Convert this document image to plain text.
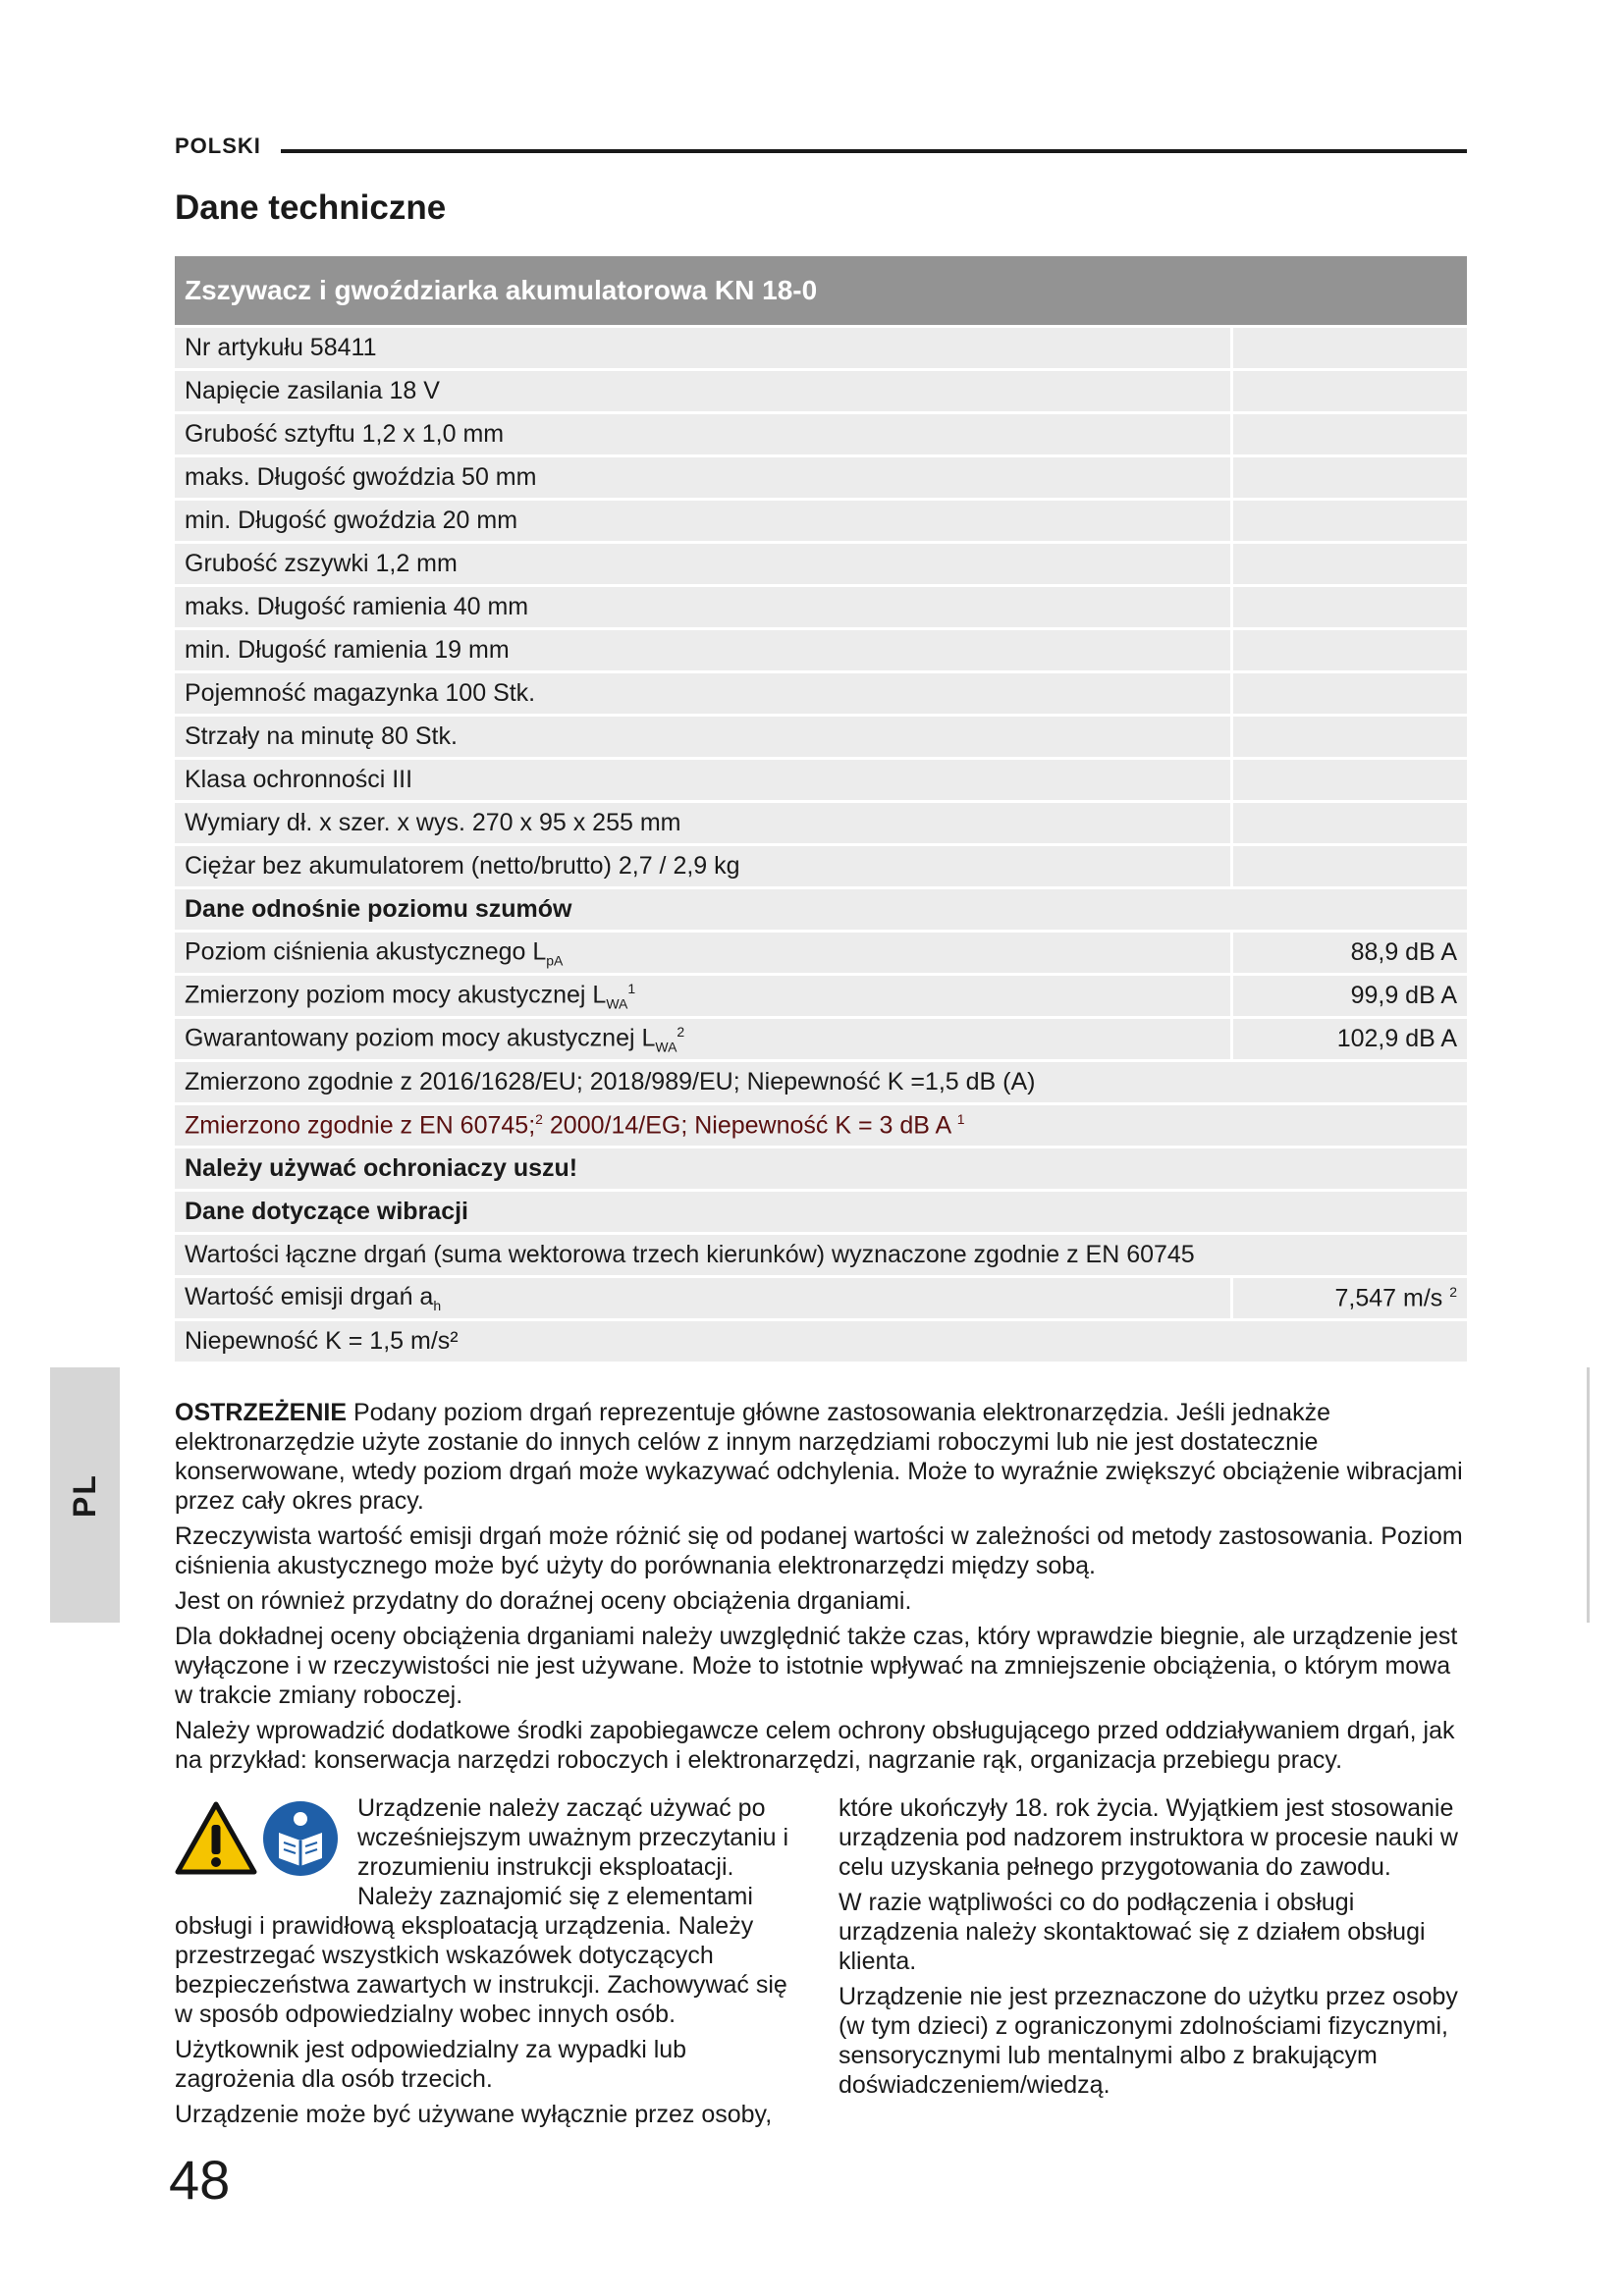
POLSKI
Dane techniczne
Zszywacz i gwoździarka akumulatorowa KN 18-0	
Nr artykułu 58411	
Napięcie zasilania 18 V	
Grubość sztyftu 1,2 x 1,0 mm	
maks. Długość gwoździa 50 mm	
min. Długość gwoździa 20 mm	
Grubość zszywki 1,2 mm	
maks. Długość ramienia 40 mm	
min. Długość ramienia 19 mm	
Pojemność magazynka 100 Stk.	
Strzały na minutę 80 Stk.	
Klasa ochronności III	
Wymiary dł. x szer. x wys. 270 x 95 x 255 mm	
Ciężar bez akumulatorem (netto/brutto) 2,7 / 2,9 kg	
Dane odnośnie poziomu szumów	
Poziom ciśnienia akustycznego $L_{pA}$	88,9 dB A
Zmierzony poziom mocy akustycznej $L_{WA}^1$	99,9 dB A
Gwarantowany poziom mocy akustycznej $L_{WA}^2$	102,9 dB A
Zmierzono zgodnie z 2016/1628/EU; 2018/989/EU; Niepewność K =1,5 dB (A)	
Zmierzono zgodnie z EN 60745;$^2$ 2000/14/EG; Niepewność K = 3 dB A $^1$
Należy używać ochroniaczy uszu!	
Dane dotyczące wibracji	
Wartości łączne drgań (suma wektorowa trzech kierunków) wyznaczone zgodnie z EN 60745	
Wartość emisji drgań $a_h$	7,547 m/s $^2$
Niepewność K = 1,5 m/s²	
PL

OSTRZEŻENIE Podany poziom drgań reprezentuje główne zastosowania elektronarzędzia. Jeśli jednakże elektronarzędzie użyte zostanie do innych celów z innym narzędziami roboczymi lub nie jest dostatecznie konserwowane, wtedy poziom drgań może wykazywać odchylenia. Może to wyraźnie zwiększyć obciążenie wibracjami przez cały okres pracy.

Rzeczywista wartość emisji drgań może różnić się od podanej wartości w zależności od metody zastosowania. Poziom ciśnienia akustycznego może być użyty do porównania elektronarzędzi między sobą.

Jest on również przydatny do doraźnej oceny obciążenia drganiami.

Dla dokładnej oceny obciążenia drganiami należy uwzględnić także czas, który wprawdzie biegnie, ale urządzenie jest wyłączone i w rzeczywistości nie jest używane. Może to istotnie wpływać na zmniejszenie obciążenia, o którym mowa w trakcie zmiany roboczej.

Należy wprowadzić dodatkowe środki zapobiegawcze celem ochrony obsługującego przed oddziaływaniem drgań, jak na przykład: konserwacja narzędzi roboczych i elektronarzędzi, nagrzanie rąk, organizacja przebiegu pracy.

Urządzenie należy zacząć używać po wcześniejszym uważnym przeczytaniu i zrozumieniu instrukcji eksploatacji. Należy zaznajomić się z elementami obsługi i prawidłową eksploatacją urządzenia. Należy przestrzegać wszystkich wskazówek dotyczących bezpieczeństwa zawartych w instrukcji. Zachowywać się w sposób odpowiedzialny wobec innych osób.

Użytkownik jest odpowiedzialny za wypadki lub zagrożenia dla osób trzecich.

Urządzenie może być używane wyłącznie przez osoby,

które ukończyły 18. rok życia. Wyjątkiem jest stosowanie urządzenia pod nadzorem instruktora w procesie nauki w celu uzyskania pełnego przygotowania do zawodu.

W razie wątpliwości co do podłączenia i obsługi urządzenia należy skontaktować się z działem obsługi klienta.

Urządzenie nie jest przeznaczone do użytku przez osoby (w tym dzieci) z ograniczonymi zdolnościami fizycznymi, sensorycznymi lub mentalnymi albo z brakującym doświadczeniem/wiedzą.

48
